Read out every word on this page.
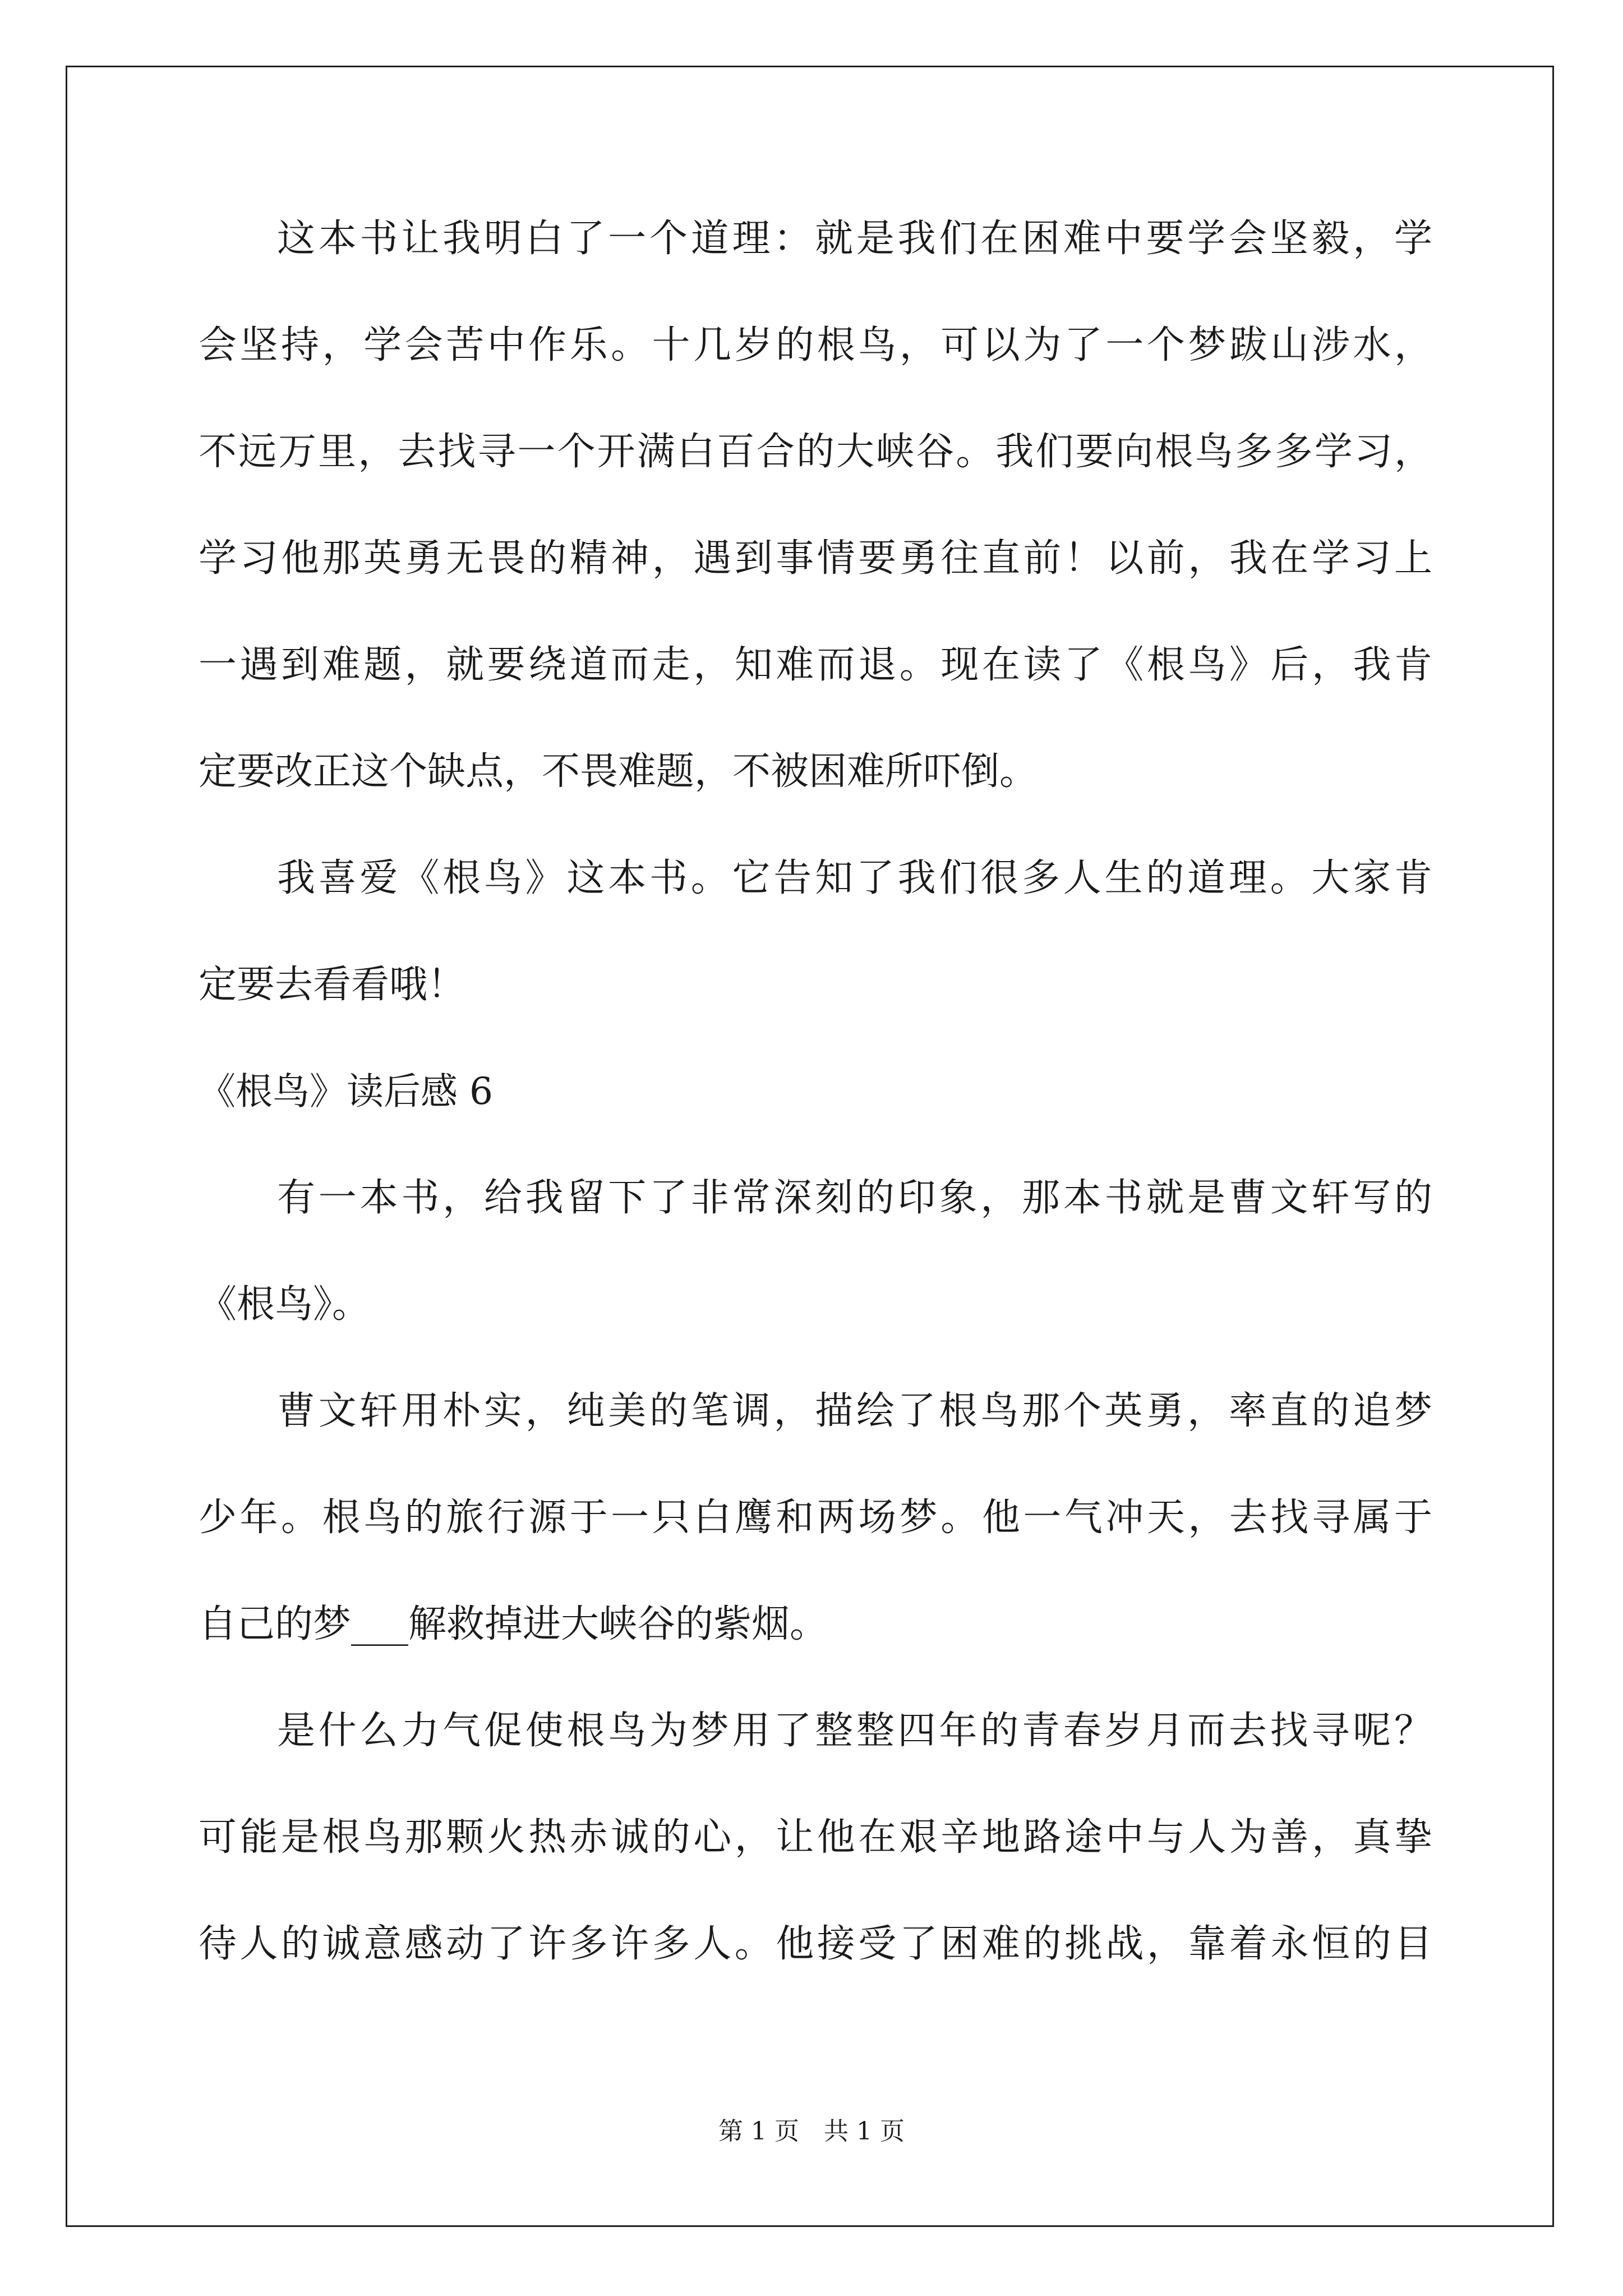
这本书让我明白了一个道理：就是我们在困难中要学会坚毅，学
会坚持，学会苦中作乐。十几岁的根鸟，可以为了一个梦跋山涉水，
不远万里，去找寻一个开满白百合的大峡谷。我们要向根鸟多多学习，
学习他那英勇无畏的精神，遇到事情要勇往直前！以前，我在学习上
一遇到难题，就要绕道而走，知难而退。现在读了《根鸟》后，我肯
定要改正这个缺点，不畏难题，不被困难所吓倒。
我喜爱《根鸟》这本书。它告知了我们很多人生的道理。大家肯
定要去看看哦！
《根鸟》读后感 6
有一本书，给我留下了非常深刻的印象，那本书就是曹文轩写的
《根鸟》。
曹文轩用朴实，纯美的笔调，描绘了根鸟那个英勇，率直的追梦
少年。根鸟的旅行源于一只白鹰和两场梦。他一气冲天，去找寻属于
自己的梦___解救掉进大峡谷的紫烟。
是什么力气促使根鸟为梦用了整整四年的青春岁月而去找寻呢？
可能是根鸟那颗火热赤诚的心，让他在艰辛地路途中与人为善，真挚
待人的诚意感动了许多许多人。他接受了困难的挑战，靠着永恒的目
第 1 页　共 1 页
